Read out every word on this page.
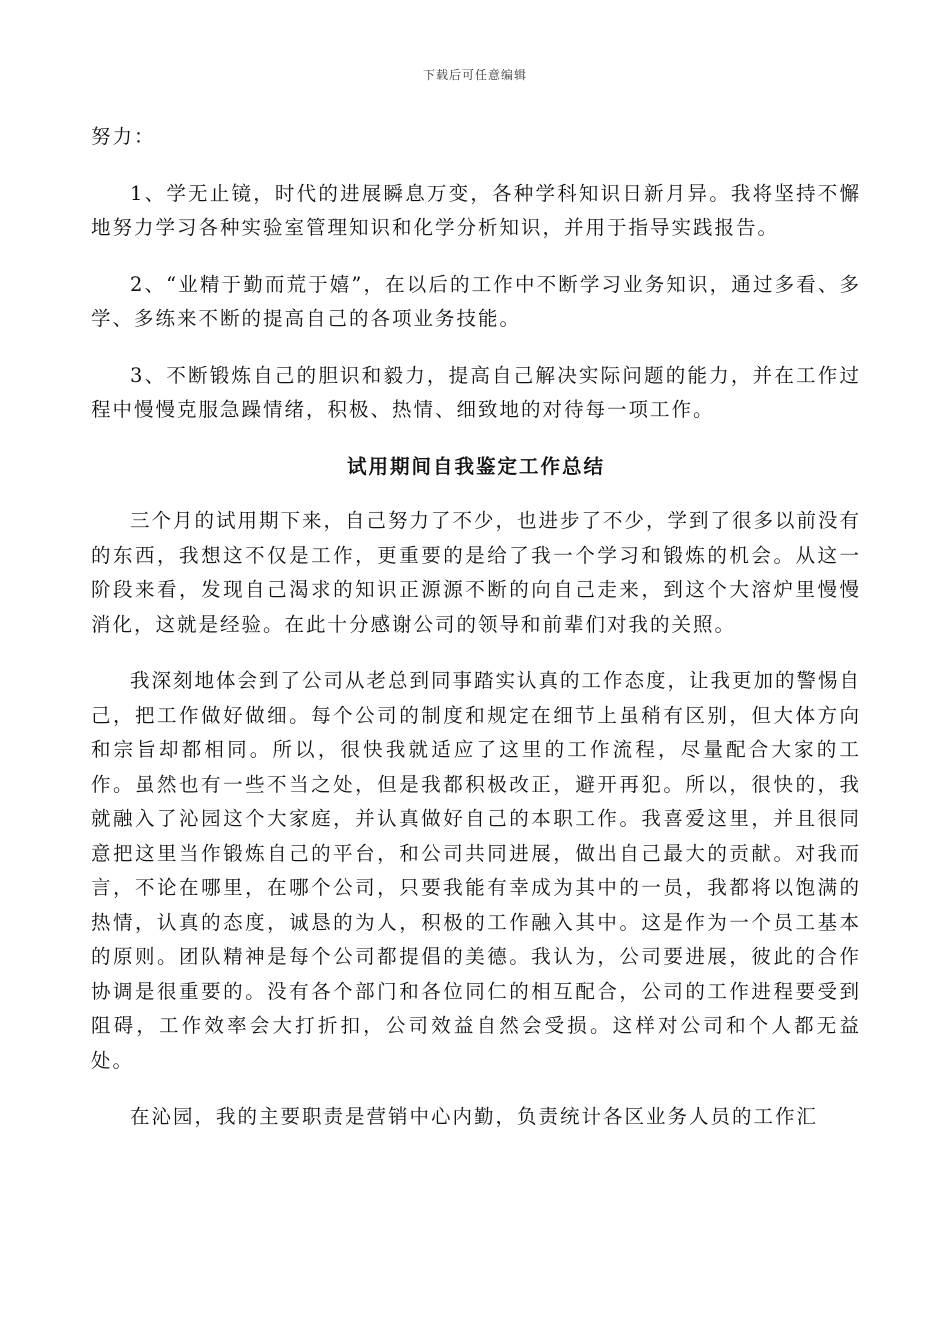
下载后可任意编辑

努力：

1、学无止镜，时代的进展瞬息万变，各种学科知识日新月异。我将坚持不懈地努力学习各种实验室管理知识和化学分析知识，并用于指导实践报告。

2、“业精于勤而荒于嬉”，在以后的工作中不断学习业务知识，通过多看、多学、多练来不断的提高自己的各项业务技能。

3、不断锻炼自己的胆识和毅力，提高自己解决实际问题的能力，并在工作过程中慢慢克服急躁情绪，积极、热情、细致地的对待每一项工作。

试用期间自我鉴定工作总结

三个月的试用期下来，自己努力了不少，也进步了不少，学到了很多以前没有的东西，我想这不仅是工作，更重要的是给了我一个学习和锻炼的机会。从这一阶段来看，发现自己渴求的知识正源源不断的向自己走来，到这个大溶炉里慢慢消化，这就是经验。在此十分感谢公司的领导和前辈们对我的关照。

我深刻地体会到了公司从老总到同事踏实认真的工作态度，让我更加的警惕自己，把工作做好做细。每个公司的制度和规定在细节上虽稍有区别，但大体方向和宗旨却都相同。所以，很快我就适应了这里的工作流程，尽量配合大家的工作。虽然也有一些不当之处，但是我都积极改正，避开再犯。所以，很快的，我就融入了沁园这个大家庭，并认真做好自己的本职工作。我喜爱这里，并且很同意把这里当作锻炼自己的平台，和公司共同进展，做出自己最大的贡献。对我而言，不论在哪里，在哪个公司，只要我能有幸成为其中的一员，我都将以饱满的热情，认真的态度，诚恳的为人，积极的工作融入其中。这是作为一个员工基本的原则。团队精神是每个公司都提倡的美德。我认为，公司要进展，彼此的合作协调是很重要的。没有各个部门和各位同仁的相互配合，公司的工作进程要受到阻碍，工作效率会大打折扣，公司效益自然会受损。这样对公司和个人都无益处。

在沁园，我的主要职责是营销中心内勤，负责统计各区业务人员的工作汇
